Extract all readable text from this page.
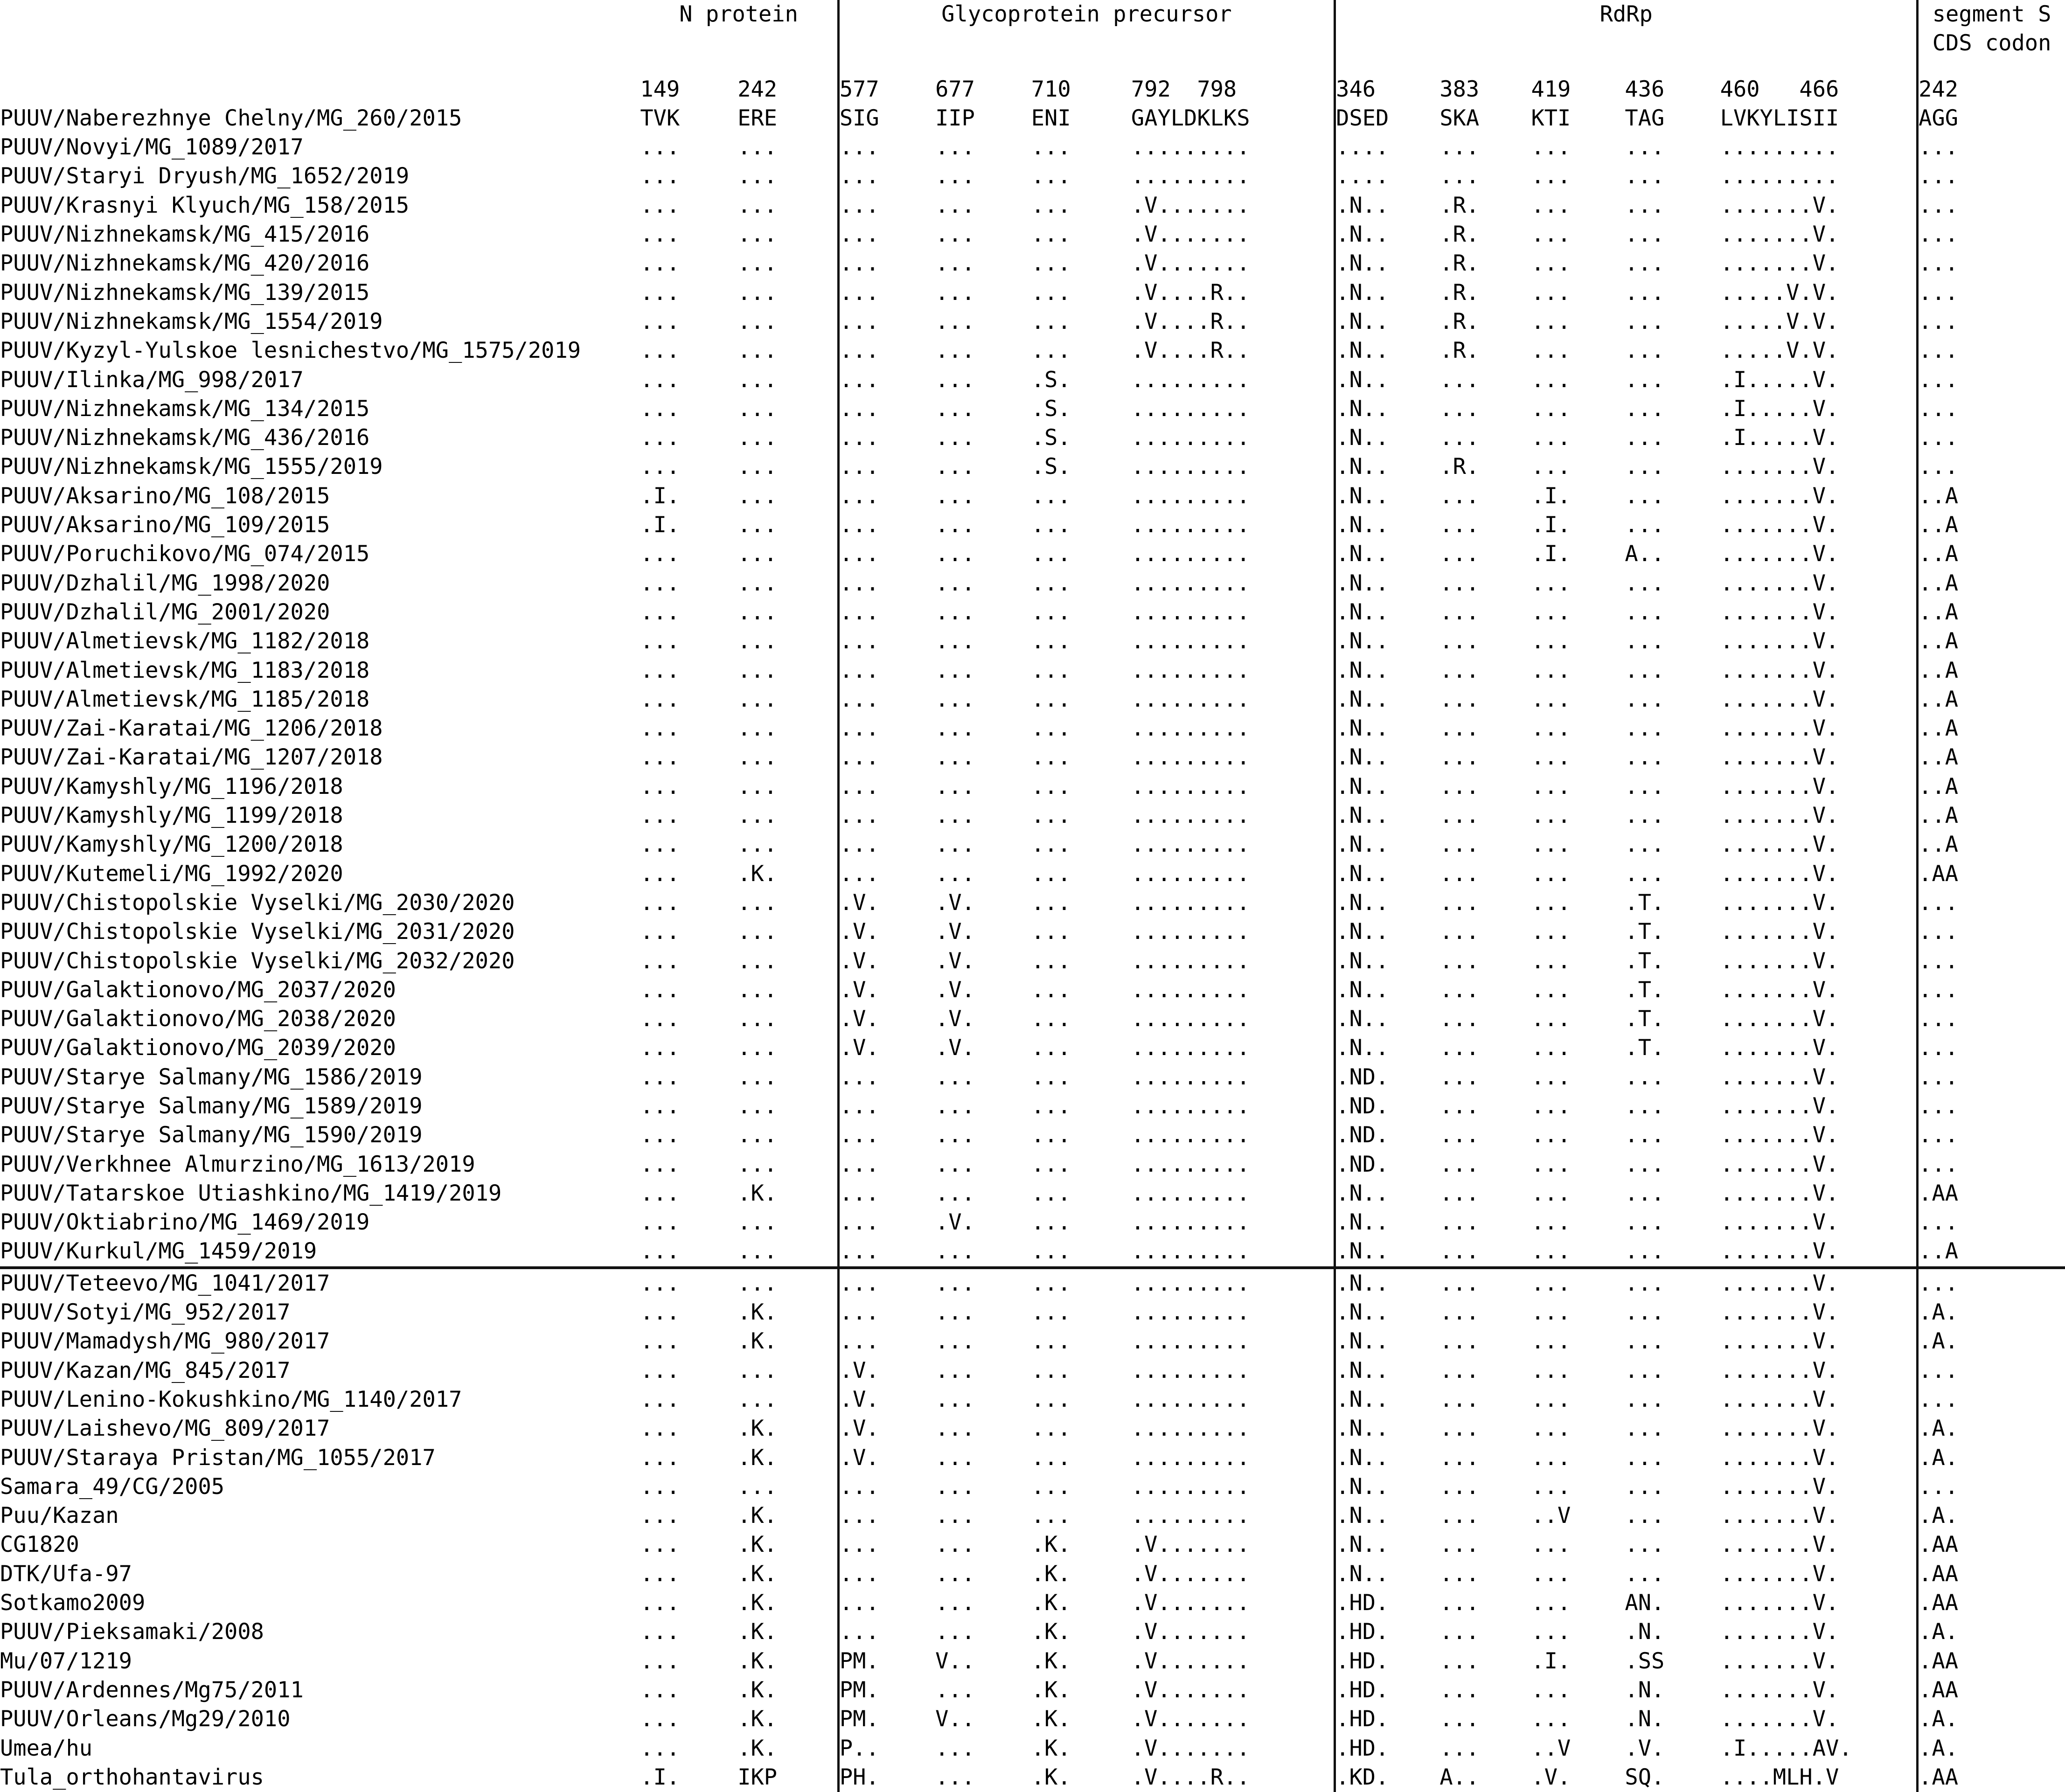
	N protein		Glycoprotein precursor				RdRp					segment S
												CDS codon

	149	242	577	677	710	792  798	346	383	419	436	460   466	242
PUUV/Naberezhnye Chelny/MG_260/2015	TVK	ERE	SIG	IIP	ENI	GAYLDKLKS	DSED	SKA	KTI	TAG	LVKYLISII	AGG
PUUV/Novyi/MG_1089/2017	...	...	...	...	...	.........	....	...	...	...	.........	...
PUUV/Staryi Dryush/MG_1652/2019	...	...	...	...	...	.........	....	...	...	...	.........	...
PUUV/Krasnyi Klyuch/MG_158/2015	...	...	...	...	...	.V.......	.N..	.R.	...	...	.......V.	...
PUUV/Nizhnekamsk/MG_415/2016	...	...	...	...	...	.V.......	.N..	.R.	...	...	.......V.	...
PUUV/Nizhnekamsk/MG_420/2016	...	...	...	...	...	.V.......	.N..	.R.	...	...	.......V.	...
PUUV/Nizhnekamsk/MG_139/2015	...	...	...	...	...	.V....R..	.N..	.R.	...	...	.....V.V.	...
PUUV/Nizhnekamsk/MG_1554/2019	...	...	...	...	...	.V....R..	.N..	.R.	...	...	.....V.V.	...
PUUV/Kyzyl-Yulskoe lesnichestvo/MG_1575/2019	...	...	...	...	...	.V....R..	.N..	.R.	...	...	.....V.V.	...
PUUV/Ilinka/MG_998/2017	...	...	...	...	.S.	.........	.N..	...	...	...	.I.....V.	...
PUUV/Nizhnekamsk/MG_134/2015	...	...	...	...	.S.	.........	.N..	...	...	...	.I.....V.	...
PUUV/Nizhnekamsk/MG_436/2016	...	...	...	...	.S.	.........	.N..	...	...	...	.I.....V.	...
PUUV/Nizhnekamsk/MG_1555/2019	...	...	...	...	.S.	.........	.N..	.R.	...	...	.......V.	...
PUUV/Aksarino/MG_108/2015	.I.	...	...	...	...	.........	.N..	...	.I.	...	.......V.	..A
PUUV/Aksarino/MG_109/2015	.I.	...	...	...	...	.........	.N..	...	.I.	...	.......V.	..A
PUUV/Poruchikovo/MG_074/2015	...	...	...	...	...	.........	.N..	...	.I.	A..	.......V.	..A
PUUV/Dzhalil/MG_1998/2020	...	...	...	...	...	.........	.N..	...	...	...	.......V.	..A
PUUV/Dzhalil/MG_2001/2020	...	...	...	...	...	.........	.N..	...	...	...	.......V.	..A
PUUV/Almetievsk/MG_1182/2018	...	...	...	...	...	.........	.N..	...	...	...	.......V.	..A
PUUV/Almetievsk/MG_1183/2018	...	...	...	...	...	.........	.N..	...	...	...	.......V.	..A
PUUV/Almetievsk/MG_1185/2018	...	...	...	...	...	.........	.N..	...	...	...	.......V.	..A
PUUV/Zai-Karatai/MG_1206/2018	...	...	...	...	...	.........	.N..	...	...	...	.......V.	..A
PUUV/Zai-Karatai/MG_1207/2018	...	...	...	...	...	.........	.N..	...	...	...	.......V.	..A
PUUV/Kamyshly/MG_1196/2018	...	...	...	...	...	.........	.N..	...	...	...	.......V.	..A
PUUV/Kamyshly/MG_1199/2018	...	...	...	...	...	.........	.N..	...	...	...	.......V.	..A
PUUV/Kamyshly/MG_1200/2018	...	...	...	...	...	.........	.N..	...	...	...	.......V.	..A
PUUV/Kutemeli/MG_1992/2020	...	.K.	...	...	...	.........	.N..	...	...	...	.......V.	.AA
PUUV/Chistopolskie Vyselki/MG_2030/2020	...	...	.V.	.V.	...	.........	.N..	...	...	.T.	.......V.	...
PUUV/Chistopolskie Vyselki/MG_2031/2020	...	...	.V.	.V.	...	.........	.N..	...	...	.T.	.......V.	...
PUUV/Chistopolskie Vyselki/MG_2032/2020	...	...	.V.	.V.	...	.........	.N..	...	...	.T.	.......V.	...
PUUV/Galaktionovo/MG_2037/2020	...	...	.V.	.V.	...	.........	.N..	...	...	.T.	.......V.	...
PUUV/Galaktionovo/MG_2038/2020	...	...	.V.	.V.	...	.........	.N..	...	...	.T.	.......V.	...
PUUV/Galaktionovo/MG_2039/2020	...	...	.V.	.V.	...	.........	.N..	...	...	.T.	.......V.	...
PUUV/Starye Salmany/MG_1586/2019	...	...	...	...	...	.........	.ND.	...	...	...	.......V.	...
PUUV/Starye Salmany/MG_1589/2019	...	...	...	...	...	.........	.ND.	...	...	...	.......V.	...
PUUV/Starye Salmany/MG_1590/2019	...	...	...	...	...	.........	.ND.	...	...	...	.......V.	...
PUUV/Verkhnee Almurzino/MG_1613/2019	...	...	...	...	...	.........	.ND.	...	...	...	.......V.	...
PUUV/Tatarskoe Utiashkino/MG_1419/2019	...	.K.	...	...	...	.........	.N..	...	...	...	.......V.	.AA
PUUV/Oktiabrino/MG_1469/2019	...	...	...	.V.	...	.........	.N..	...	...	...	.......V.	...
PUUV/Kurkul/MG_1459/2019	...	...	...	...	...	.........	.N..	...	...	...	.......V.	..A
PUUV/Teteevo/MG_1041/2017	...	...	...	...	...	.........	.N..	...	...	...	.......V.	...
PUUV/Sotyi/MG_952/2017	...	.K.	...	...	...	.........	.N..	...	...	...	.......V.	.A.
PUUV/Mamadysh/MG_980/2017	...	.K.	...	...	...	.........	.N..	...	...	...	.......V.	.A.
PUUV/Kazan/MG_845/2017	...	...	.V.	...	...	.........	.N..	...	...	...	.......V.	...
PUUV/Lenino-Kokushkino/MG_1140/2017	...	...	.V.	...	...	.........	.N..	...	...	...	.......V.	...
PUUV/Laishevo/MG_809/2017	...	.K.	.V.	...	...	.........	.N..	...	...	...	.......V.	.A.
PUUV/Staraya Pristan/MG_1055/2017	...	.K.	.V.	...	...	.........	.N..	...	...	...	.......V.	.A.
Samara_49/CG/2005	...	...	...	...	...	.........	.N..	...	...	...	.......V.	...
Puu/Kazan	...	.K.	...	...	...	.........	.N..	...	..V	...	.......V.	.A.
CG1820	...	.K.	...	...	.K.	.V.......	.N..	...	...	...	.......V.	.AA
DTK/Ufa-97	...	.K.	...	...	.K.	.V.......	.N..	...	...	...	.......V.	.AA
Sotkamo2009	...	.K.	...	...	.K.	.V.......	.HD.	...	...	AN.	.......V.	.AA
PUUV/Pieksamaki/2008	...	.K.	...	...	.K.	.V.......	.HD.	...	...	.N.	.......V.	.A.
Mu/07/1219	...	.K.	PM.	V..	.K.	.V.......	.HD.	...	.I.	.SS	.......V.	.AA
PUUV/Ardennes/Mg75/2011	...	.K.	PM.	...	.K.	.V.......	.HD.	...	...	.N.	.......V.	.AA
PUUV/Orleans/Mg29/2010	...	.K.	PM.	V..	.K.	.V.......	.HD.	...	...	.N.	.......V.	.A.
Umea/hu	...	.K.	P..	...	.K.	.V.......	.HD.	...	..V	.V.	.I.....AV.	.A.
Tula_orthohantavirus	.I.	IKP	PH.	...	.K.	.V....R..	.KD.	A..	.V.	SQ.	....MLH.V	.AA
